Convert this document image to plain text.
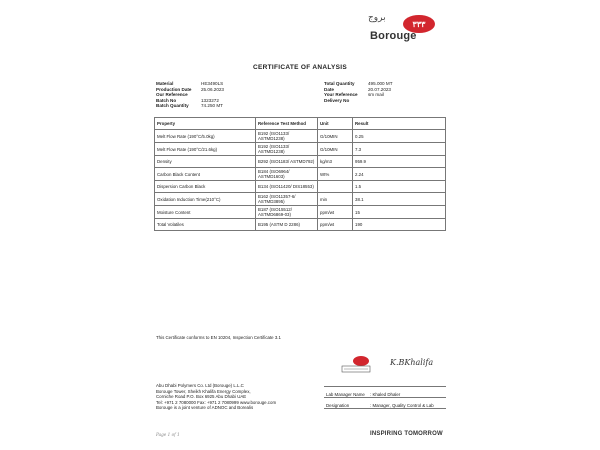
بروج
٣٣٣
Borouge
CERTIFICATE OF ANALYSIS
Material	HE3490LS
Production Date 25.06.2023
Our Reference
Batch No	1323272
Batch Quantity	74.250 MT
Total Quantity	495.000 MT
Date	20.07.2023
Your Reference sm mail
Delivery No
Property	Reference Test Method	Unit	Result
Melt Flow Rate (190°C/5.0kg)	B192 (ISO1133/ ASTMD1238)	G/10MIN	0.25
Melt Flow Rate (190°C/21.6kg)	B192 (ISO1133/ ASTMD1238)	G/10MIN	7.3
Density	B292 (ISO1183/ ASTMD792)	kg/m3	959.9
Carbon Black Content	B184 (ISO6964/ ASTMD1603)	Wt%	2.24
Dispersion Carbon Black	B134 (ISO11420/ DIS18553)		1.5
Oxidation Induction Time(210°C)	B162 (ISO11357-6/ ASTMD3895)	min	38.1
Moisture Content	B187 (ISO15512/ ASTMD6869-03)	ppm/wt	15
Total Volatiles	B195 (ASTM D 2286)	ppm/wt	190
This Certificate conforms to EN 10204, Inspection Certificate 3.1
K.BKhalifa
Abu Dhabi Polymers Co. Ltd (Borouge) L.L.C
Borouge Tower, Sheikh Khalifa Energy Complex,
Corniche Road P.O. Box 6925 Abu Dhabi UAE
Tel: +971 2 7080000 Fax: +971 2 7080999 www.borouge.com
Borouge is a joint venture of ADNOC and Borealis
Lab Manager Name : Khaled Dhaler
Designation	: Manager, Quality Control & Lab
Page 1 of 1	INSPIRING TOMORROW
